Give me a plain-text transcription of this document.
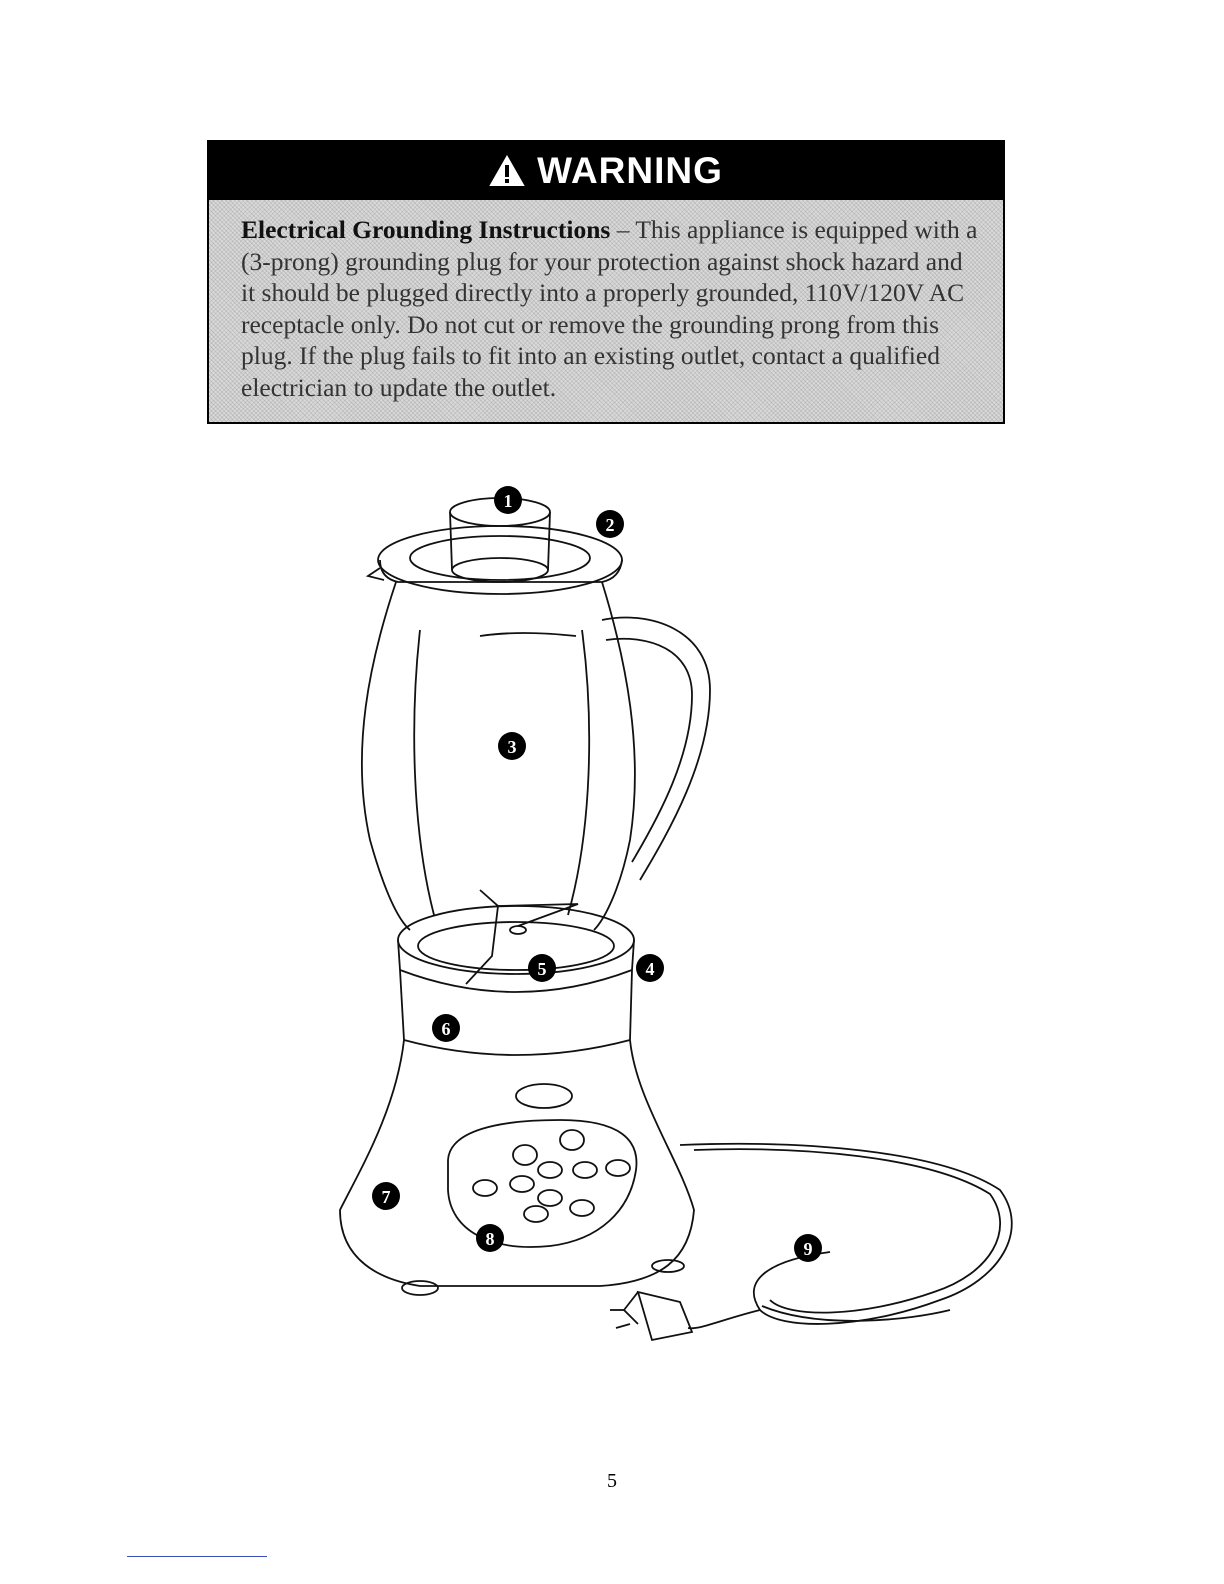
WARNING
Electrical Grounding Instructions – This appliance is equipped with a (3-prong) grounding plug for your protection against shock hazard and it should be plugged directly into a properly grounded, 110V/120V AC receptacle only. Do not cut or remove the grounding prong from this plug. If the plug fails to fit into an existing outlet, contact a qualified electrician to update the outlet.
1
2
3
4
5
6
7
8	9
5
